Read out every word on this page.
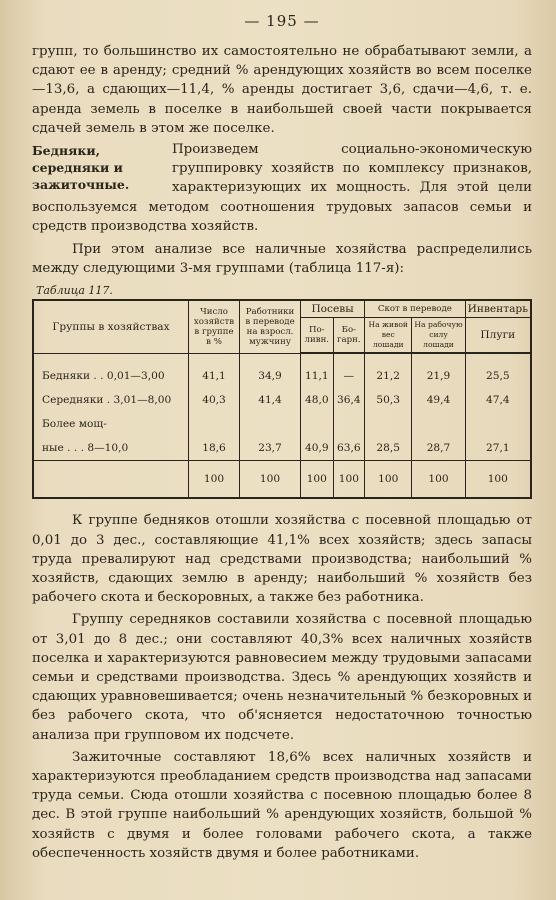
— 195 —

групп, то большинство их самостоятельно не обрабатывают земли, а сдают ее в аренду; средний % арендующих хозяйств во всем поселке—13,6, а сдающих—11,4, % аренды достигает 3,6, сдачи—4,6, т. е. аренда земель в поселке в наибольшей своей части покрывается сдачей земель в этом же поселке.

Бедняки, середняки и зажиточные.

Произведем социально-экономическую группировку хозяйств по комплексу признаков, характеризующих их мощность. Для этой цели воспользуемся методом соотношения трудовых запасов семьи и средств производства хозяйств.

При этом анализе все наличные хозяйства распределились между следующими 3-мя группами (таблица 117-я):

Таблица 117.
Группы в хозяйствах	Число хозяйств в группе в %	Работники в переводе на взросл. мужчину	Посевы		Скот в переводе		Инвентарь
			По-ливн.	Бо-гарн.	На живой вес лошади	На рабочую силу лошади	Плуги

Бедняки . . 0,01—3,00	41,1	34,9	11,1	—	21,2	21,9	25,5
Середняки . 3,01—8,00	40,3	41,4	48,0	36,4	50,3	49,4	47,4
Более мощ-							
ные . . . 8—10,0	18,6	23,7	40,9	63,6	28,5	28,7	27,1
	100	100	100	100	100	100	100

К группе бедняков отошли хозяйства с посевной площадью от 0,01 до 3 дес., составляющие 41,1% всех хозяйств; здесь запасы труда превалируют над средствами производства; наибольший % хозяйств, сдающих землю в аренду; наибольший % хозяйств без рабочего скота и бескоровных, а также без работника.

Группу середняков составили хозяйства с посевной площадью от 3,01 до 8 дес.; они составляют 40,3% всех наличных хозяйств поселка и характеризуются равновесием между трудовыми запасами семьи и средствами производства. Здесь % арендующих хозяйств и сдающих уравновешивается; очень незначительный % безкоровных и без рабочего скота, что об'ясняется недостаточною точностью анализа при групповом их подсчете.

Зажиточные составляют 18,6% всех наличных хозяйств и характеризуются преобладанием средств производства над запасами труда семьи. Сюда отошли хозяйства с посевною площадью более 8 дес. В этой группе наибольший % арендующих хозяйств, большой % хозяйств с двумя и более головами рабочего скота, а также обеспеченность хозяйств двумя и более работниками.
